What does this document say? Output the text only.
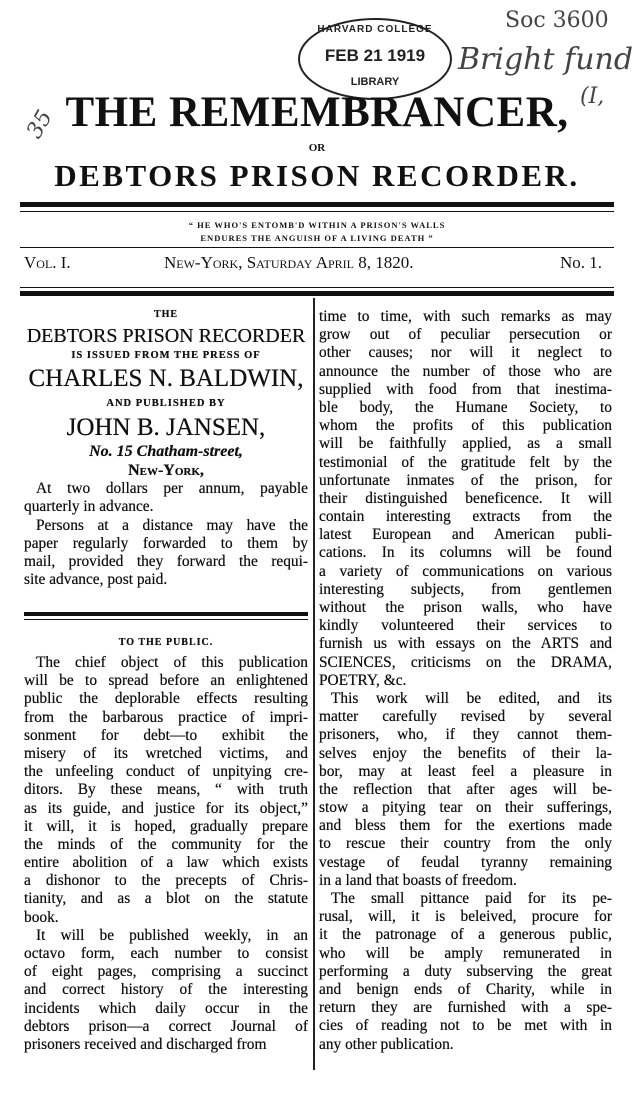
HARVARD COLLEGE
FEB 21 1919
LIBRARY
Soc 3600
Bright fund
(I,
35 THE REMEMBRANCER,
OR
DEBTORS PRISON RECORDER.
“ HE WHO'S ENTOMB'D WITHIN A PRISON'S WALLS
ENDURES THE ANGUISH OF A LIVING DEATH ”
Vol. I.	New-York, Saturday April 8, 1820.	No. 1.
THE
DEBTORS PRISON RECORDER
IS ISSUED FROM THE PRESS OF
CHARLES N. BALDWIN,
AND PUBLISHED BY
JOHN B. JANSEN,
No. 15 Chatham-street,
New-York,
At two dollars per annum, payable
quarterly in advance.
Persons at a distance may have the
paper regularly forwarded to them by
mail, provided they forward the requi-
site advance, post paid.
TO THE PUBLIC.
The chief object of this publication
will be to spread before an enlightened
public the deplorable effects resulting
from the barbarous practice of impri-
sonment for debt—to exhibit the
misery of its wretched victims, and
the unfeeling conduct of unpitying cre-
ditors. By these means, “ with truth
as its guide, and justice for its object,”
it will, it is hoped, gradually prepare
the minds of the community for the
entire abolition of a law which exists
a dishonor to the precepts of Chris-
tianity, and as a blot on the statute
book.
It will be published weekly, in an
octavo form, each number to consist
of eight pages, comprising a succinct
and correct history of the interesting
incidents which daily occur in the
debtors prison—a correct Journal of
prisoners received and discharged from
time to time, with such remarks as may
grow out of peculiar persecution or
other causes; nor will it neglect to
announce the number of those who are
supplied with food from that inestima-
ble body, the Humane Society, to
whom the profits of this publication
will be faithfully applied, as a small
testimonial of the gratitude felt by the
unfortunate inmates of the prison, for
their distinguished beneficence. It will
contain interesting extracts from the
latest European and American publi-
cations. In its columns will be found
a variety of communications on various
interesting subjects, from gentlemen
without the prison walls, who have
kindly volunteered their services to
furnish us with essays on the ARTS and
SCIENCES, criticisms on the DRAMA,
POETRY, &c.
This work will be edited, and its
matter carefully revised by several
prisoners, who, if they cannot them-
selves enjoy the benefits of their la-
bor, may at least feel a pleasure in
the reflection that after ages will be-
stow a pitying tear on their sufferings,
and bless them for the exertions made
to rescue their country from the only
vestage of feudal tyranny remaining
in a land that boasts of freedom.
The small pittance paid for its pe-
rusal, will, it is beleived, procure for
it the patronage of a generous public,
who will be amply remunerated in
performing a duty subserving the great
and benign ends of Charity, while in
return they are furnished with a spe-
cies of reading not to be met with in
any other publication.
